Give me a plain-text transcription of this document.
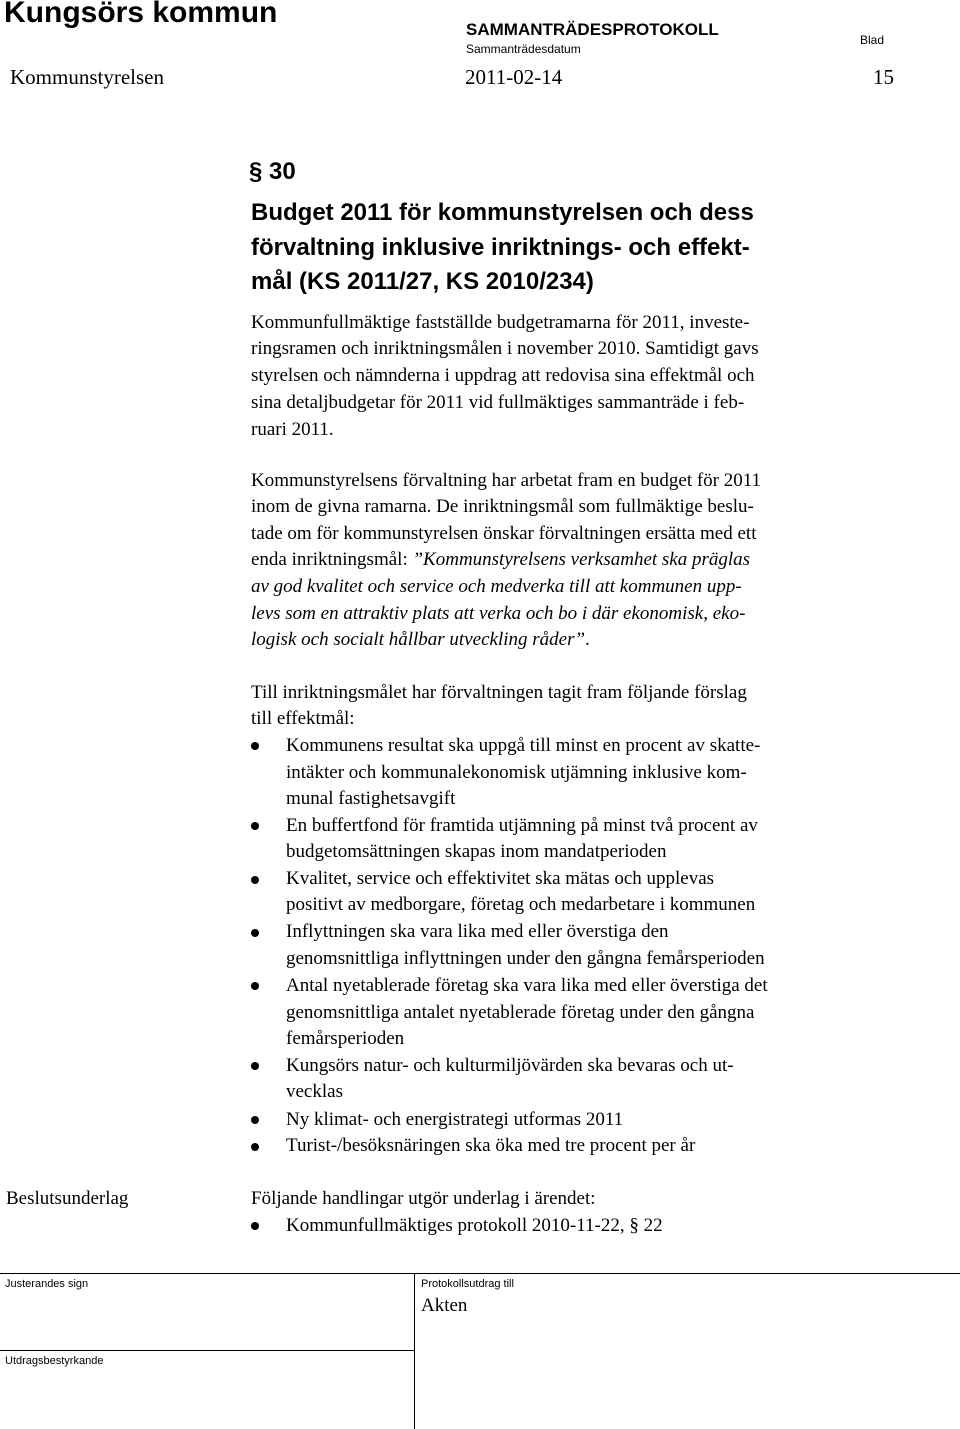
Kungsörs kommun
SAMMANTRÄDESPROTOKOLL
Sammanträdesdatum
Blad
Kommunstyrelsen	2011-02-14	15
§ 30
Budget 2011 för kommunstyrelsen och dess
förvaltning inklusive inriktnings- och effekt-
mål (KS 2011/27, KS 2010/234)
Kommunfullmäktige fastställde budgetramarna för 2011, investe-
ringsramen och inriktningsmålen i november 2010. Samtidigt gavs
styrelsen och nämnderna i uppdrag att redovisa sina effektmål och
sina detaljbudgetar för 2011 vid fullmäktiges sammanträde i feb-
ruari 2011.
Kommunstyrelsens förvaltning har arbetat fram en budget för 2011
inom de givna ramarna. De inriktningsmål som fullmäktige beslu-
tade om för kommunstyrelsen önskar förvaltningen ersätta med ett
enda inriktningsmål: ”Kommunstyrelsens verksamhet ska präglas
av god kvalitet och service och medverka till att kommunen upp-
levs som en attraktiv plats att verka och bo i där ekonomisk, eko-
logisk och socialt hållbar utveckling råder”.
Till inriktningsmålet har förvaltningen tagit fram följande förslag
till effektmål:
Kommunens resultat ska uppgå till minst en procent av skatte-
intäkter och kommunalekonomisk utjämning inklusive kom-
munal fastighetsavgift
En buffertfond för framtida utjämning på minst två procent av
budgetomsättningen skapas inom mandatperioden
Kvalitet, service och effektivitet ska mätas och upplevas
positivt av medborgare, företag och medarbetare i kommunen
Inflyttningen ska vara lika med eller överstiga den
genomsnittliga inflyttningen under den gångna femårsperioden
Antal nyetablerade företag ska vara lika med eller överstiga det
genomsnittliga antalet nyetablerade företag under den gångna
femårsperioden
Kungsörs natur- och kulturmiljövärden ska bevaras och ut-
vecklas
Ny klimat- och energistrategi utformas 2011
Turist-/besöksnäringen ska öka med tre procent per år
Beslutsunderlag	Följande handlingar utgör underlag i ärendet:
Kommunfullmäktiges protokoll 2010-11-22, § 22
Justerandes sign	Protokollsutdrag till
Akten
Utdragsbestyrkande
